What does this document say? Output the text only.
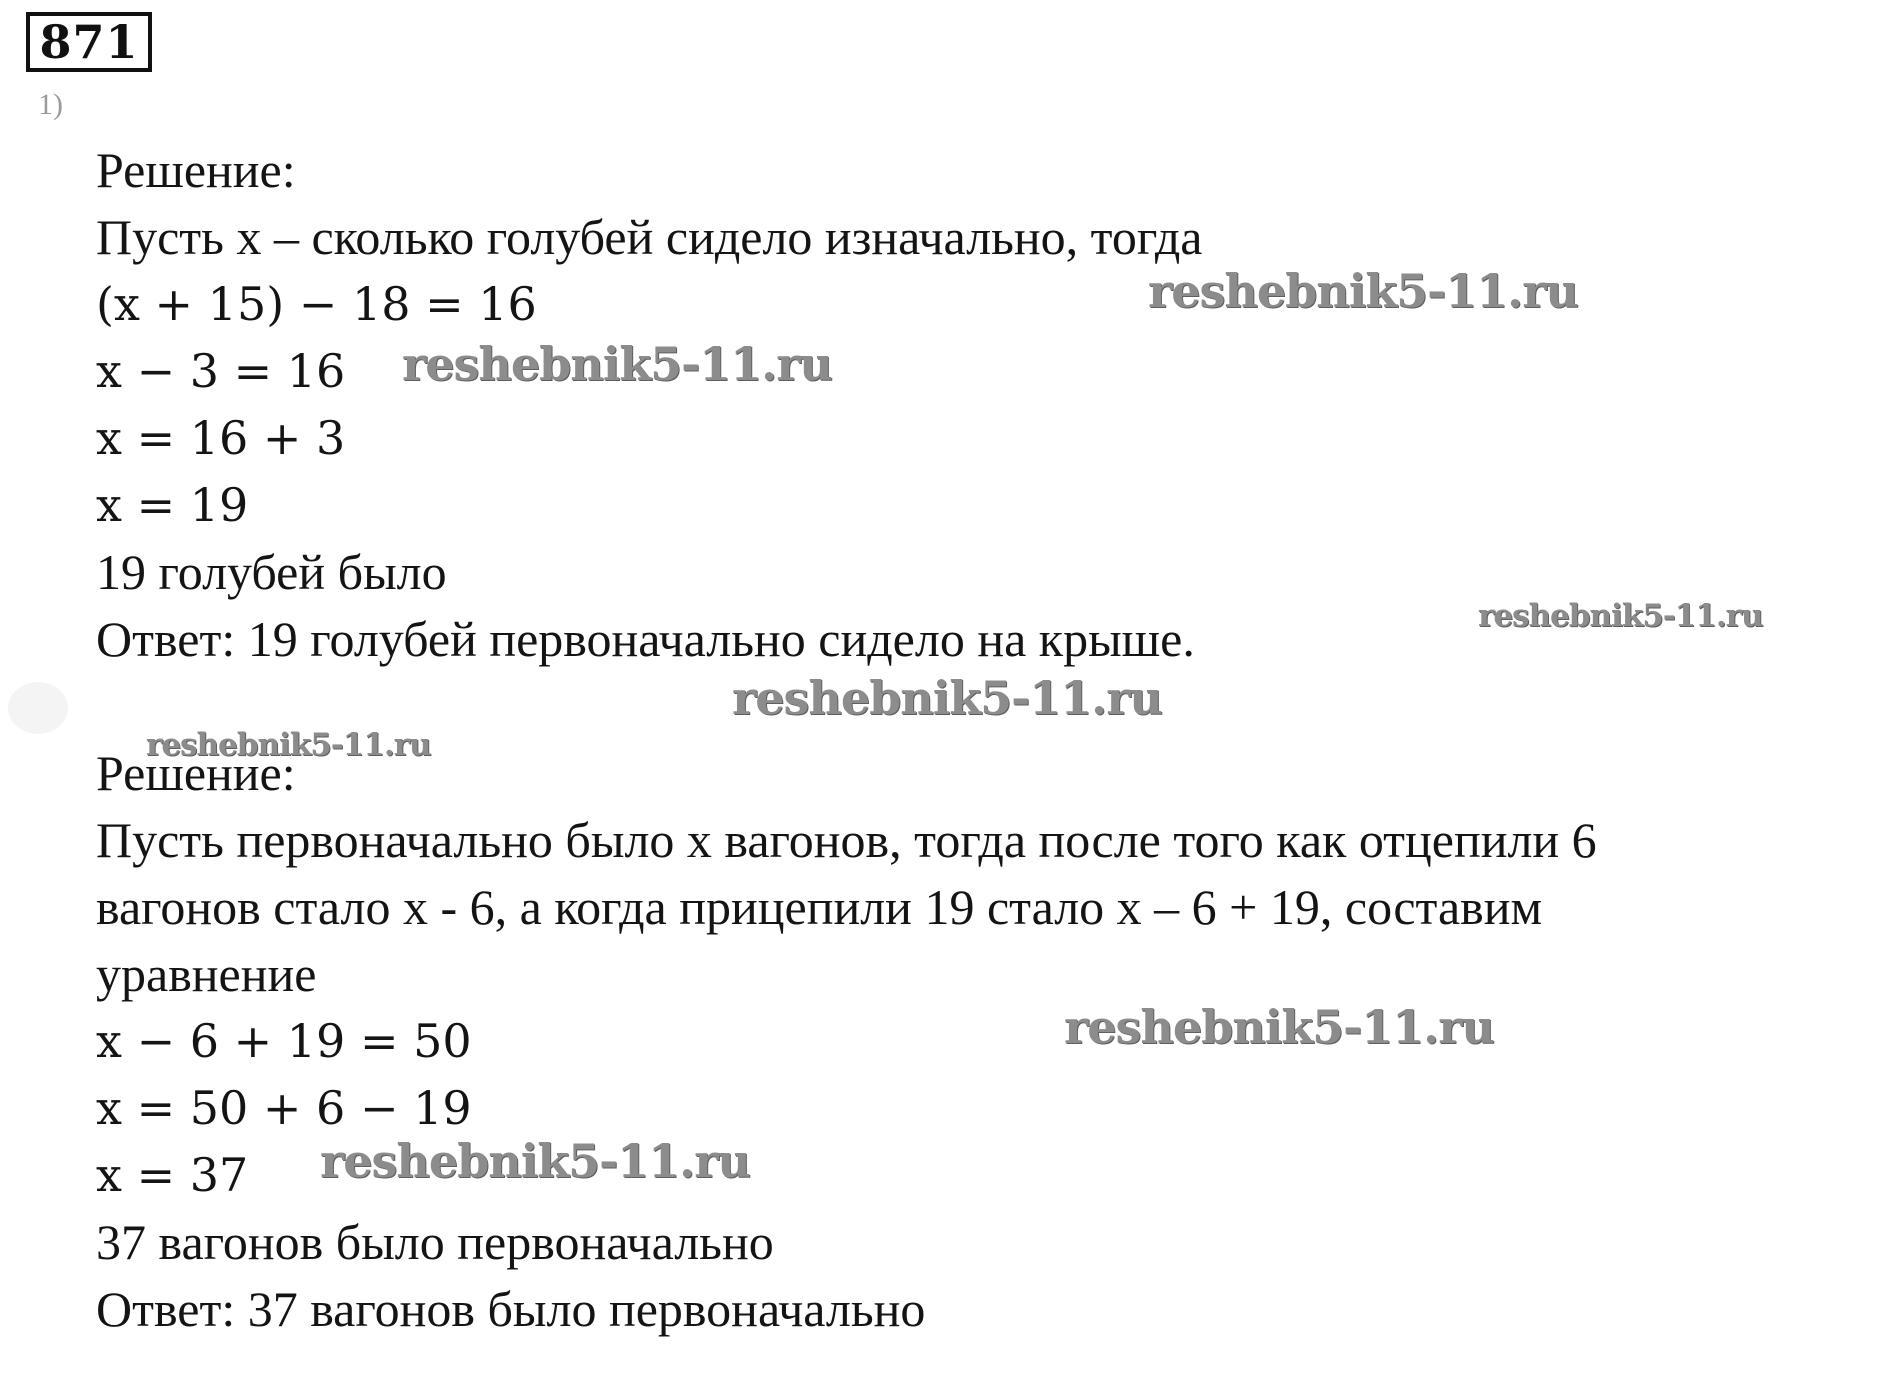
871
1)
Решение:
Пусть x – сколько голубей сидело изначально, тогда
(x + 15) − 18 = 16
x − 3 = 16
x = 16 + 3
x = 19
19 голубей было
Ответ: 19 голубей первоначально сидело на крыше.
Решение:
Пусть первоначально было x вагонов, тогда после того как отцепили 6
вагонов стало x - 6, а когда прицепили 19 стало x – 6 + 19, составим
уравнение
x − 6 + 19 = 50
x = 50 + 6 − 19
x = 37
37 вагонов было первоначально
Ответ: 37 вагонов было первоначально
reshebnik5-11.ru
reshebnik5-11.ru
reshebnik5-11.ru
reshebnik5-11.ru
reshebnik5-11.ru
reshebnik5-11.ru
reshebnik5-11.ru
